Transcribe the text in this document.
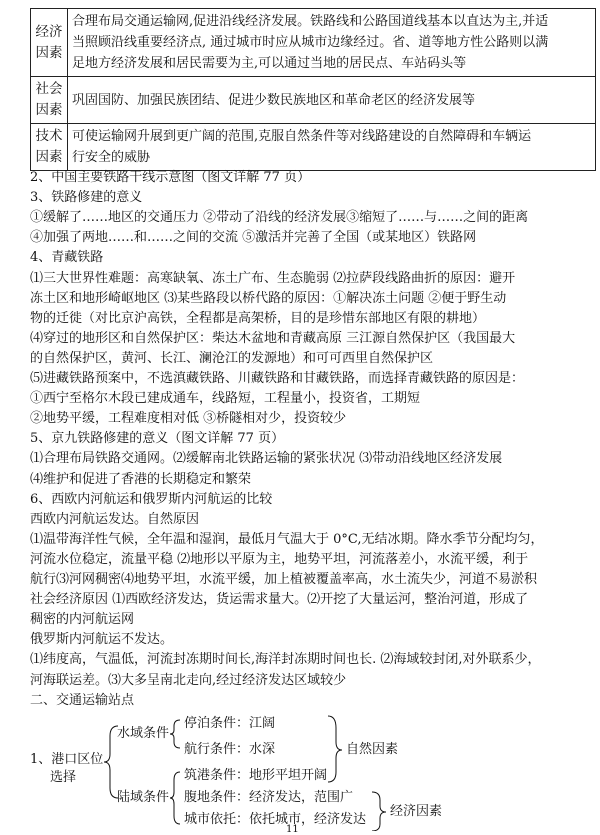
经济因素	合理布局交通运输网,促进沿线经济发展。铁路线和公路国道线基本以直达为主,并适
当照顾沿线重要经济点, 通过城市时应从城市边缘经过。省、道等地方性公路则以满
足地方经济发展和居民需要为主,可以通过当地的居民点、车站码头等

社会因素	巩固国防、加强民族团结、促进少数民族地区和革命老区的经济发展等

技术因素	可使运输网升展到更广阔的范围,克服自然条件等对线路建设的自然障碍和车辆运
行安全的威胁
2、中国主要铁路干线示意图（图文详解 77 页）
3、铁路修建的意义
①缓解了……地区的交通压力 ②带动了沿线的经济发展③缩短了……与……之间的距离
④加强了两地……和……之间的交流 ⑤激活并完善了全国（或某地区）铁路网
4、青藏铁路
⑴三大世界性难题：高寒缺氧、冻土广布、生态脆弱 ⑵拉萨段线路曲折的原因：避开
冻土区和地形崎岖地区 ⑶某些路段以桥代路的原因：①解决冻土问题 ②便于野生动
物的迁徙（对比京沪高铁，全程都是高架桥，目的是珍惜东部地区有限的耕地）
⑷穿过的地形区和自然保护区：柴达木盆地和青藏高原 三江源自然保护区（我国最大
的自然保护区，黄河、长江、澜沧江的发源地）和可可西里自然保护区
⑸进藏铁路预案中，不选滇藏铁路、川藏铁路和甘藏铁路，而选择青藏铁路的原因是：
①西宁至格尔木段已建成通车，线路短，工程量小，投资省，工期短
②地势平缓，工程难度相对低 ③桥隧相对少，投资较少
5、京九铁路修建的意义（图文详解 77 页）
⑴合理布局铁路交通网。⑵缓解南北铁路运输的紧张状况 ⑶带动沿线地区经济发展
⑷维护和促进了香港的长期稳定和繁荣
6、西欧内河航运和俄罗斯内河航运的比较
西欧内河航运发达。自然原因
⑴温带海洋性气候，全年温和湿润，最低月气温大于 0°C,无结冰期。降水季节分配均匀，
河流水位稳定，流量平稳 ⑵地形以平原为主，地势平坦，河流落差小，水流平缓，利于
航行⑶河网稠密⑷地势平坦，水流平缓，加上植被覆盖率高，水土流失少，河道不易淤积
社会经济原因 ⑴西欧经济发达，货运需求量大。⑵开挖了大量运河，整治河道，形成了
稠密的内河航运网
俄罗斯内河航运不发达。
⑴纬度高，气温低，河流封冻期时间长,海洋封冻期时间也长. ⑵海域较封闭,对外联系少，
河海联运差。⑶大多呈南北走向,经过经济发达区域较少
二、交通运输站点
1、港口区位
选择
水域条件
陆域条件
停泊条件：江阔
航行条件：水深
筑港条件：地形平坦开阔
腹地条件：经济发达，范围广
城市依托：依托城市，经济发达
自然因素
经济因素
11
